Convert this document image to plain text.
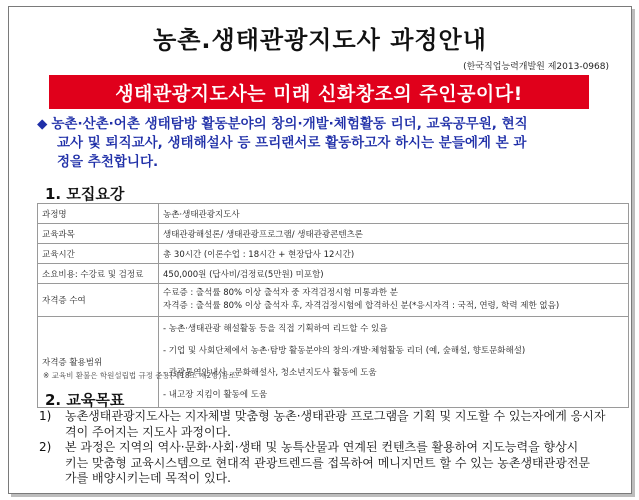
농촌.생태관광지도사 과정안내
(한국직업능력개발원 제2013-0968)
생태관광지도사는 미래 신화창조의 주인공이다!
◆ 농촌·산촌·어촌 생태탐방 활동분야의 창의·개발·체험활동 리더, 교육공무원, 현직
교사 및 퇴직교사, 생태해설사 등 프리랜서로 활동하고자 하시는 분들에게 본 과
정을 추천합니다.
1. 모집요강
과정명	농촌·생태관광지도사
교육과목	생태관광해설론/ 생태관광프로그램/ 생태관광콘텐츠론
교육시간	총 30시간 (이론수업 : 18시간 + 현장답사 12시간)
소요비용: 수강료 및 검정료	450,000원 (답사비/검정료(5만원) 미포함)
자격증 수여	수료증 : 출석률 80% 이상 출석자 중 자격검정시험 미통과한 분
자격증 : 출석률 80% 이상 출석자 후, 자격검정시험에 합격하신 분(*응시자격 : 국적, 연령, 학력 제한 없음)

자격증 활용범위	- 농촌·생태관광 해설활동 등을 직접 기획하여 리드할 수 있음
- 기업 및 사회단체에서 농촌·탐방 활동분야의 창의·개발·체험활동 리더 (예, 숲해설, 향토문화해설)
- 관광통역안내사 , 문화해설사, 청소년지도사 활동에 도움
- 내고장 지킴이 활동에 도움
※ 교육비 환불은 학원설립법 규정 준용(제18조 제2항)참조.
2. 교육목표
1)	농촌생태관광지도사는 지자체별 맞춤형 농촌·생태관광 프로그램을 기획 및 지도할 수 있는자에게 응시자
격이 주어지는 지도사 과정이다.
2)	본 과정은 지역의 역사·문화·사회·생태 및 농특산물과 연계된 컨텐츠를 활용하여 지도능력을 향상시
키는 맞춤형 교육시스템으로 현대적 관광트렌드를 접목하여 메니지먼트 할 수 있는 농촌생태관광전문
가를 배양시키는데 목적이 있다.
